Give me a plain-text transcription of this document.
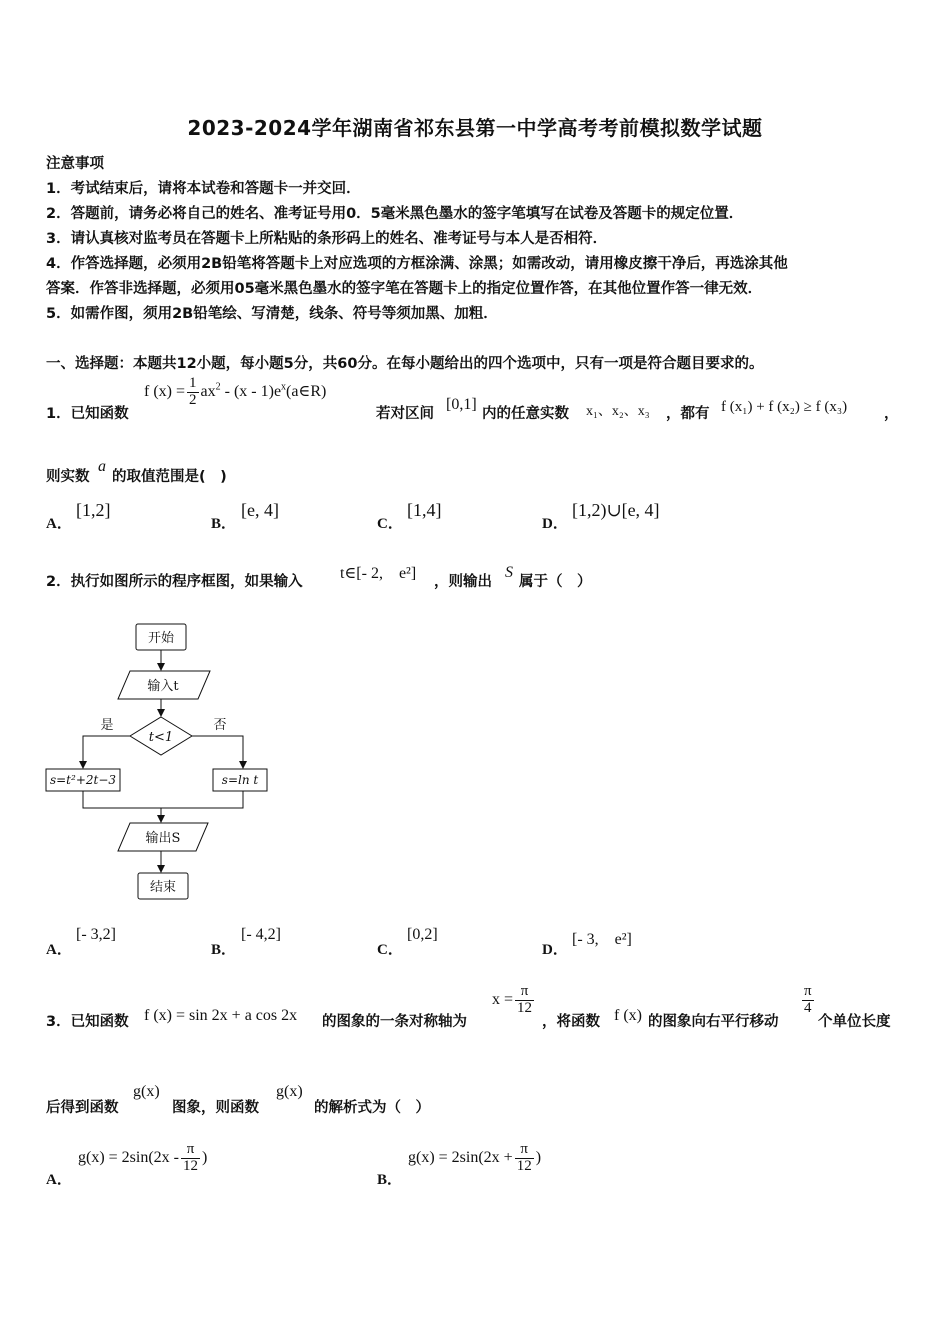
2023-2024学年湖南省祁东县第一中学高考考前模拟数学试题
注意事项
1．考试结束后，请将本试卷和答题卡一并交回．
2．答题前，请务必将自己的姓名、准考证号用0．5毫米黑色墨水的签字笔填写在试卷及答题卡的规定位置．
3．请认真核对监考员在答题卡上所粘贴的条形码上的姓名、准考证号与本人是否相符．
4．作答选择题，必须用2B铅笔将答题卡上对应选项的方框涂满、涂黑；如需改动，请用橡皮擦干净后，再选涂其他
答案．作答非选择题，必须用05毫米黑色墨水的签字笔在答题卡上的指定位置作答，在其他位置作答一律无效．
5．如需作图，须用2B铅笔绘、写清楚，线条、符号等须加黑、加粗．
一、选择题：本题共12小题，每小题5分，共60分。在每小题给出的四个选项中，只有一项是符合题目要求的。
1．已知函数
f $(x) = \frac{1}{2} ax^2 - (x$ - $1)e^x(a\in R)$
若对区间
[0,1]
内的任意实数 x₁、x₂、x₃ ，都有 f (x₁) + f (x₂) ≥ f (x₃)	，
则实数
a
的取值范围是(　)
A．
[1,2]
B．
[e, 4]
C．
[1,4]
D．
[1,2)∪[e, 4]
2．执行如图所示的程序框图，如果输入 t∈[- 2,　e²] ，则输出
S
属于（　）
开始
输入t
t<1
是	否
s=t²+2t−3	s=ln t
输出S
结束
A．
[- 3,2]
B．
[- 4,2]
C．
[0,2]
D．
[- 3,　e²]
3．已知函数 f (x) = sin 2x + a cos 2x 的图象的一条对称轴为
$x = \frac{\pi}{12}$
，将函数 f (x) 的图象向右平行移动
$\frac{\pi}{4}$
个单位长度
后得到函数
g(x)
图象，则函数
g(x)
的解析式为（　）
A．
$g(x) = 2\sin(2x - \frac{\pi}{12}$ )
B．
$g(x) = 2\sin(2x + \frac{\pi}{12}$ )
